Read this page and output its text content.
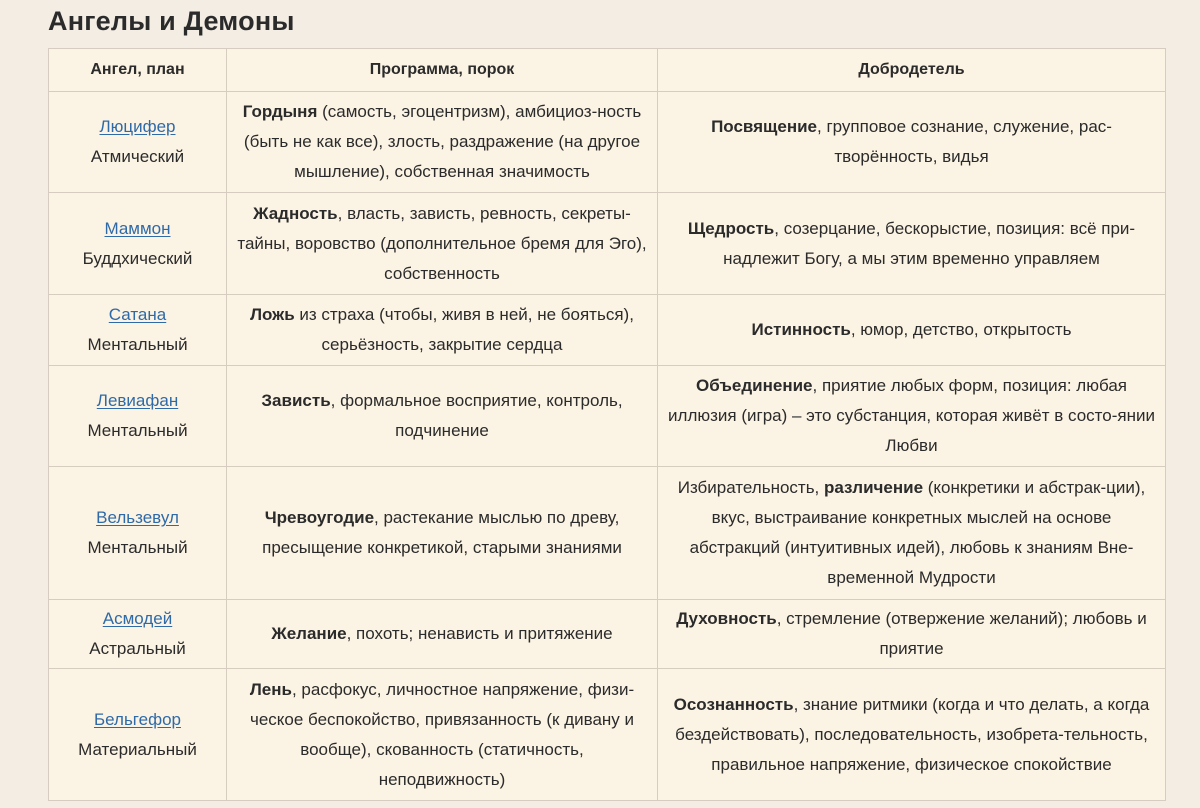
Ангелы и Демоны
Ангел, план	Программа, порок	Добродетель
Люцифер
Атмический	Гордыня (самость, эгоцентризм), амбициоз-ность (быть не как все), злость, раздражение (на другое мышление), собственная значимость	Посвящение, групповое сознание, служение, рас-творённость, видья
Маммон
Буддхический	Жадность, власть, зависть, ревность, секреты-тайны, воровство (дополнительное бремя для Эго), собственность	Щедрость, созерцание, бескорыстие, позиция: всё при-надлежит Богу, а мы этим временно управляем
Сатана
Ментальный	Ложь из страха (чтобы, живя в ней, не бояться), серьёзность, закрытие сердца	Истинность, юмор, детство, открытость
Левиафан
Ментальный	Зависть, формальное восприятие, контроль, подчинение	Объединение, приятие любых форм, позиция: любая иллюзия (игра) – это субстанция, которая живёт в состо-янии Любви
Вельзевул
Ментальный	Чревоугодие, растекание мыслью по древу, пресыщение конкретикой, старыми знаниями	Избирательность, различение (конкретики и абстрак-ции), вкус, выстраивание конкретных мыслей на основе абстракций (интуитивных идей), любовь к знаниям Вне-временной Мудрости
Асмодей
Астральный	Желание, похоть; ненависть и притяжение	Духовность, стремление (отвержение желаний); любовь и приятие
Бельгефор
Материальный	Лень, расфокус, личностное напряжение, физи-ческое беспокойство, привязанность (к дивану и вообще), скованность (статичность, неподвижность)	Осознанность, знание ритмики (когда и что делать, а когда бездействовать), последовательность, изобрета-тельность, правильное напряжение, физическое спокойствие
